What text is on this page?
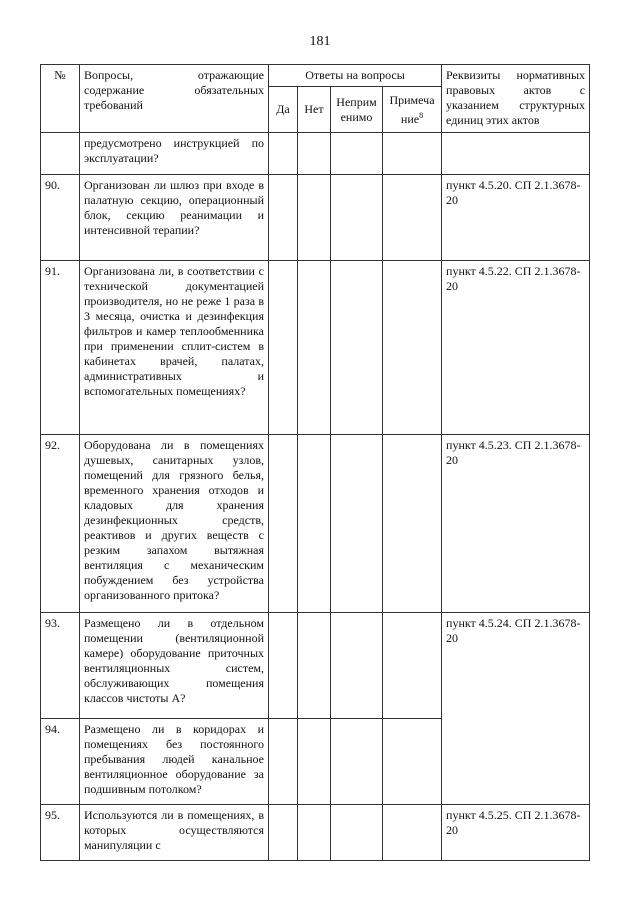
181
№	Вопросы, отражающие содержание обязательных требований	Ответы на вопросы				Реквизиты нормативных правовых актов с указанием структурных единиц этих актов
		Да	Нет	Неприм енимо	Примеча ние$^8$
	предусмотрено инструкцией по эксплуатации?					
90.	Организован ли шлюз при входе в палатную секцию, операционный блок, секцию реанимации и интенсивной терапии?					пункт 4.5.20. СП 2.1.3678-20
91.	Организована ли, в соответствии с технической документацией производителя, но не реже 1 раза в 3 месяца, очистка и дезинфекция фильтров и камер теплообменника при применении сплит-систем в кабинетах врачей, палатах, административных и вспомогательных помещениях?					пункт 4.5.22. СП 2.1.3678-20
92.	Оборудована ли в помещениях душевых, санитарных узлов, помещений для грязного белья, временного хранения отходов и кладовых для хранения дезинфекционных средств, реактивов и других веществ с резким запахом вытяжная вентиляция с механическим побуждением без устройства организованного притока?					пункт 4.5.23. СП 2.1.3678-20
93.	Размещено ли в отдельном помещении (вентиляционной камере) оборудование приточных вентиляционных систем, обслуживающих помещения классов чистоты А?					пункт 4.5.24. СП 2.1.3678-20
94.	Размещено ли в коридорах и помещениях без постоянного пребывания людей канальное вентиляционное оборудование за подшивным потолком?					
95.	Используются ли в помещениях, в которых осуществляются манипуляции с					пункт 4.5.25. СП 2.1.3678-20
